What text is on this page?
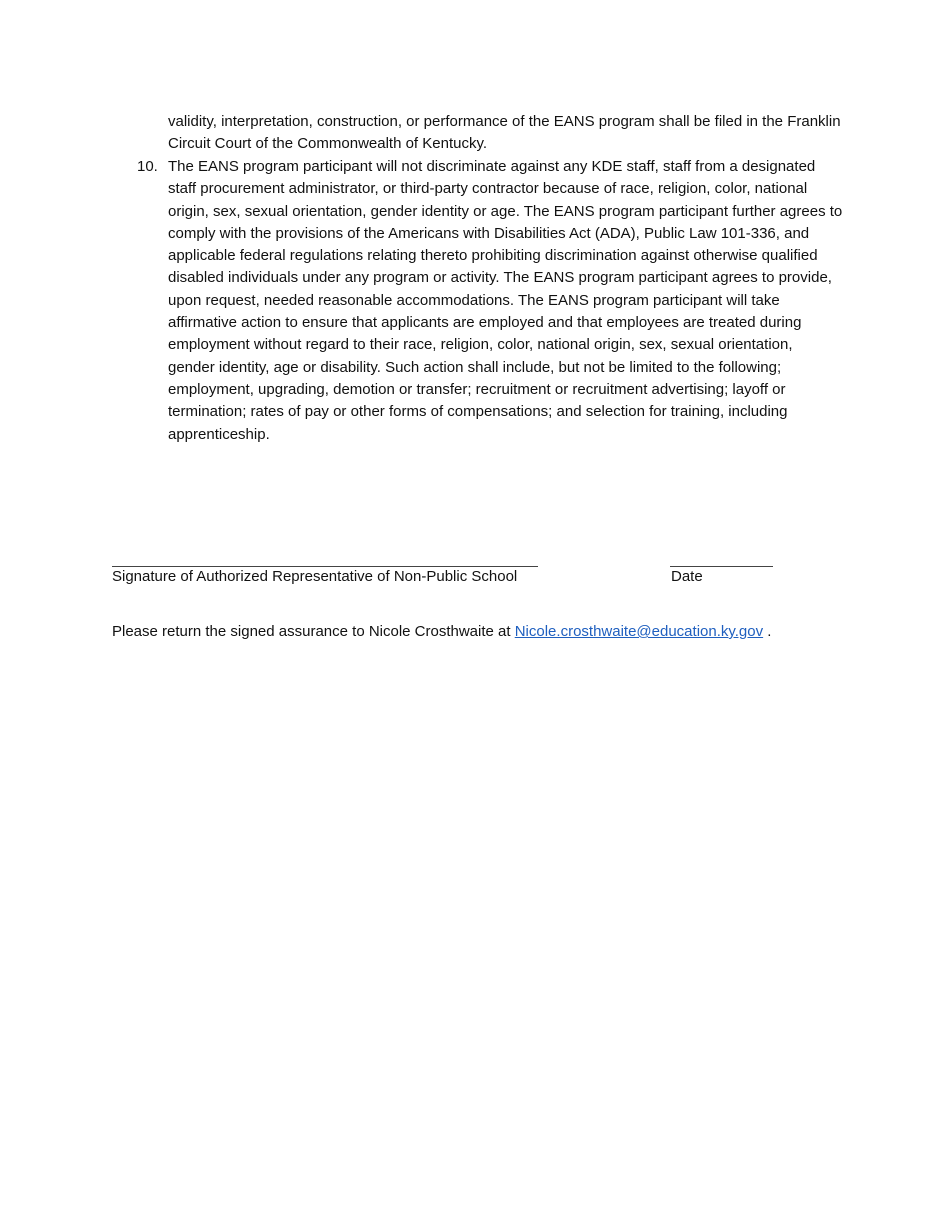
validity, interpretation, construction, or performance of the EANS program shall be filed in the Franklin Circuit Court of the Commonwealth of Kentucky.

10. The EANS program participant will not discriminate against any KDE staff, staff from a designated staff procurement administrator, or third-party contractor because of race, religion, color, national origin, sex, sexual orientation, gender identity or age. The EANS program participant further agrees to comply with the provisions of the Americans with Disabilities Act (ADA), Public Law 101-336, and applicable federal regulations relating thereto prohibiting discrimination against otherwise qualified disabled individuals under any program or activity. The EANS program participant agrees to provide, upon request, needed reasonable accommodations. The EANS program participant will take affirmative action to ensure that applicants are employed and that employees are treated during employment without regard to their race, religion, color, national origin, sex, sexual orientation, gender identity, age or disability. Such action shall include, but not be limited to the following; employment, upgrading, demotion or transfer; recruitment or recruitment advertising; layoff or termination; rates of pay or other forms of compensations; and selection for training, including apprenticeship.

Signature of Authorized Representative of Non-Public School	Date
Please return the signed assurance to Nicole Crosthwaite at Nicole.crosthwaite@education.ky.gov .
